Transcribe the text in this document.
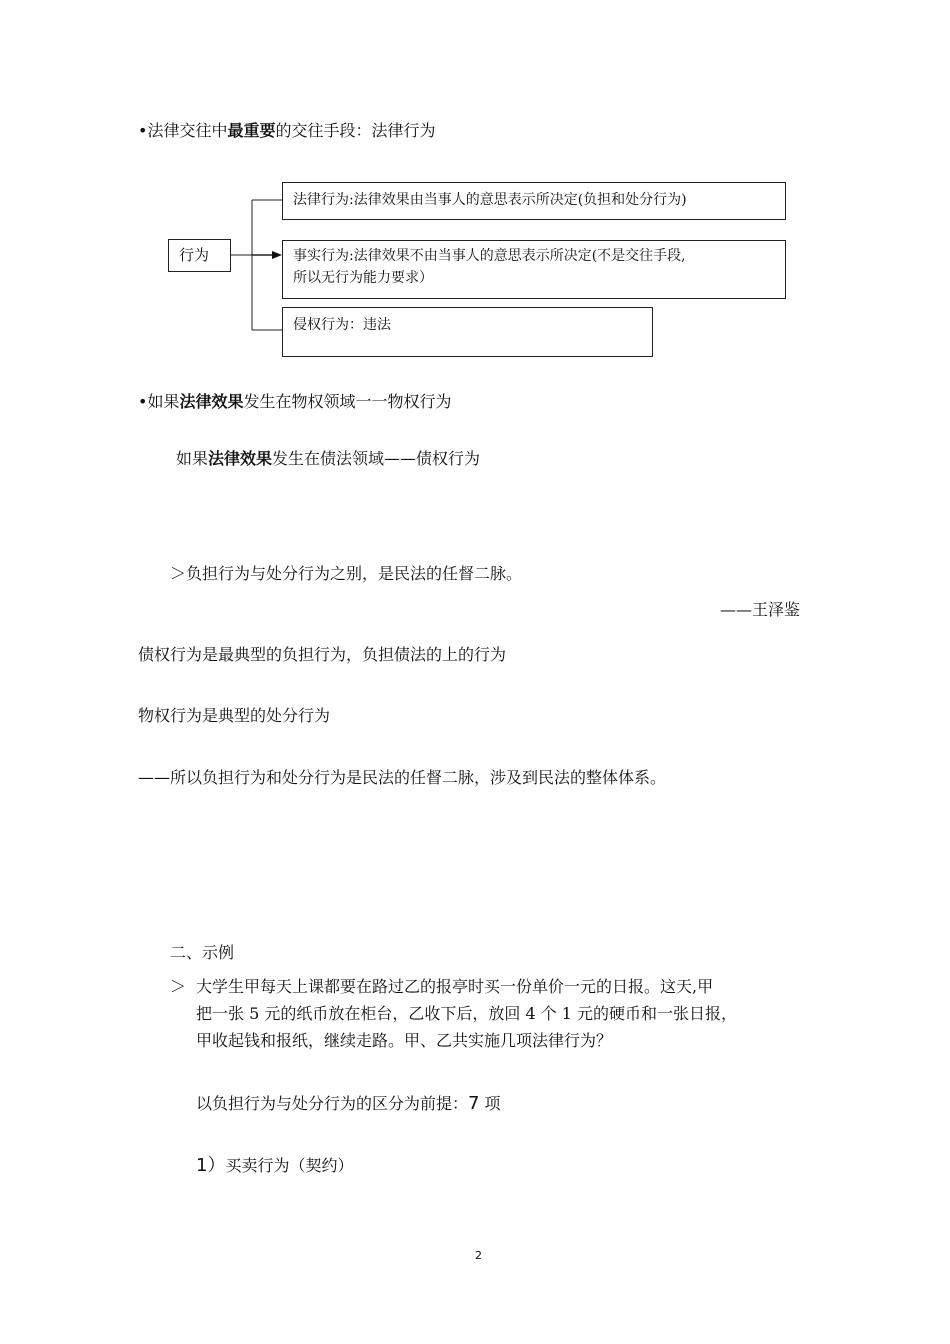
•法律交往中最重要的交往手段：法律行为
行为
法律行为:法律效果由当事人的意思表示所决定(负担和处分行为)
事实行为:法律效果不由当事人的意思表示所决定(不是交往手段,
所以无行为能力要求）
侵权行为：违法
•如果法律效果发生在物权领域一一物权行为
如果法律效果发生在债法领域——债权行为
＞负担行为与处分行为之别，是民法的任督二脉。
——王泽鉴
债权行为是最典型的负担行为，负担债法的上的行为
物权行为是典型的处分行为
——所以负担行为和处分行为是民法的任督二脉，涉及到民法的整体体系。
二、示例
＞ 大学生甲每天上课都要在路过乙的报亭时买一份单价一元的日报。这天,甲
把一张 5 元的纸币放在柜台，乙收下后，放回 4 个 1 元的硬币和一张日报，
甲收起钱和报纸，继续走路。甲、乙共实施几项法律行为？
以负担行为与处分行为的区分为前提：7 项
1）买卖行为（契约）
2
